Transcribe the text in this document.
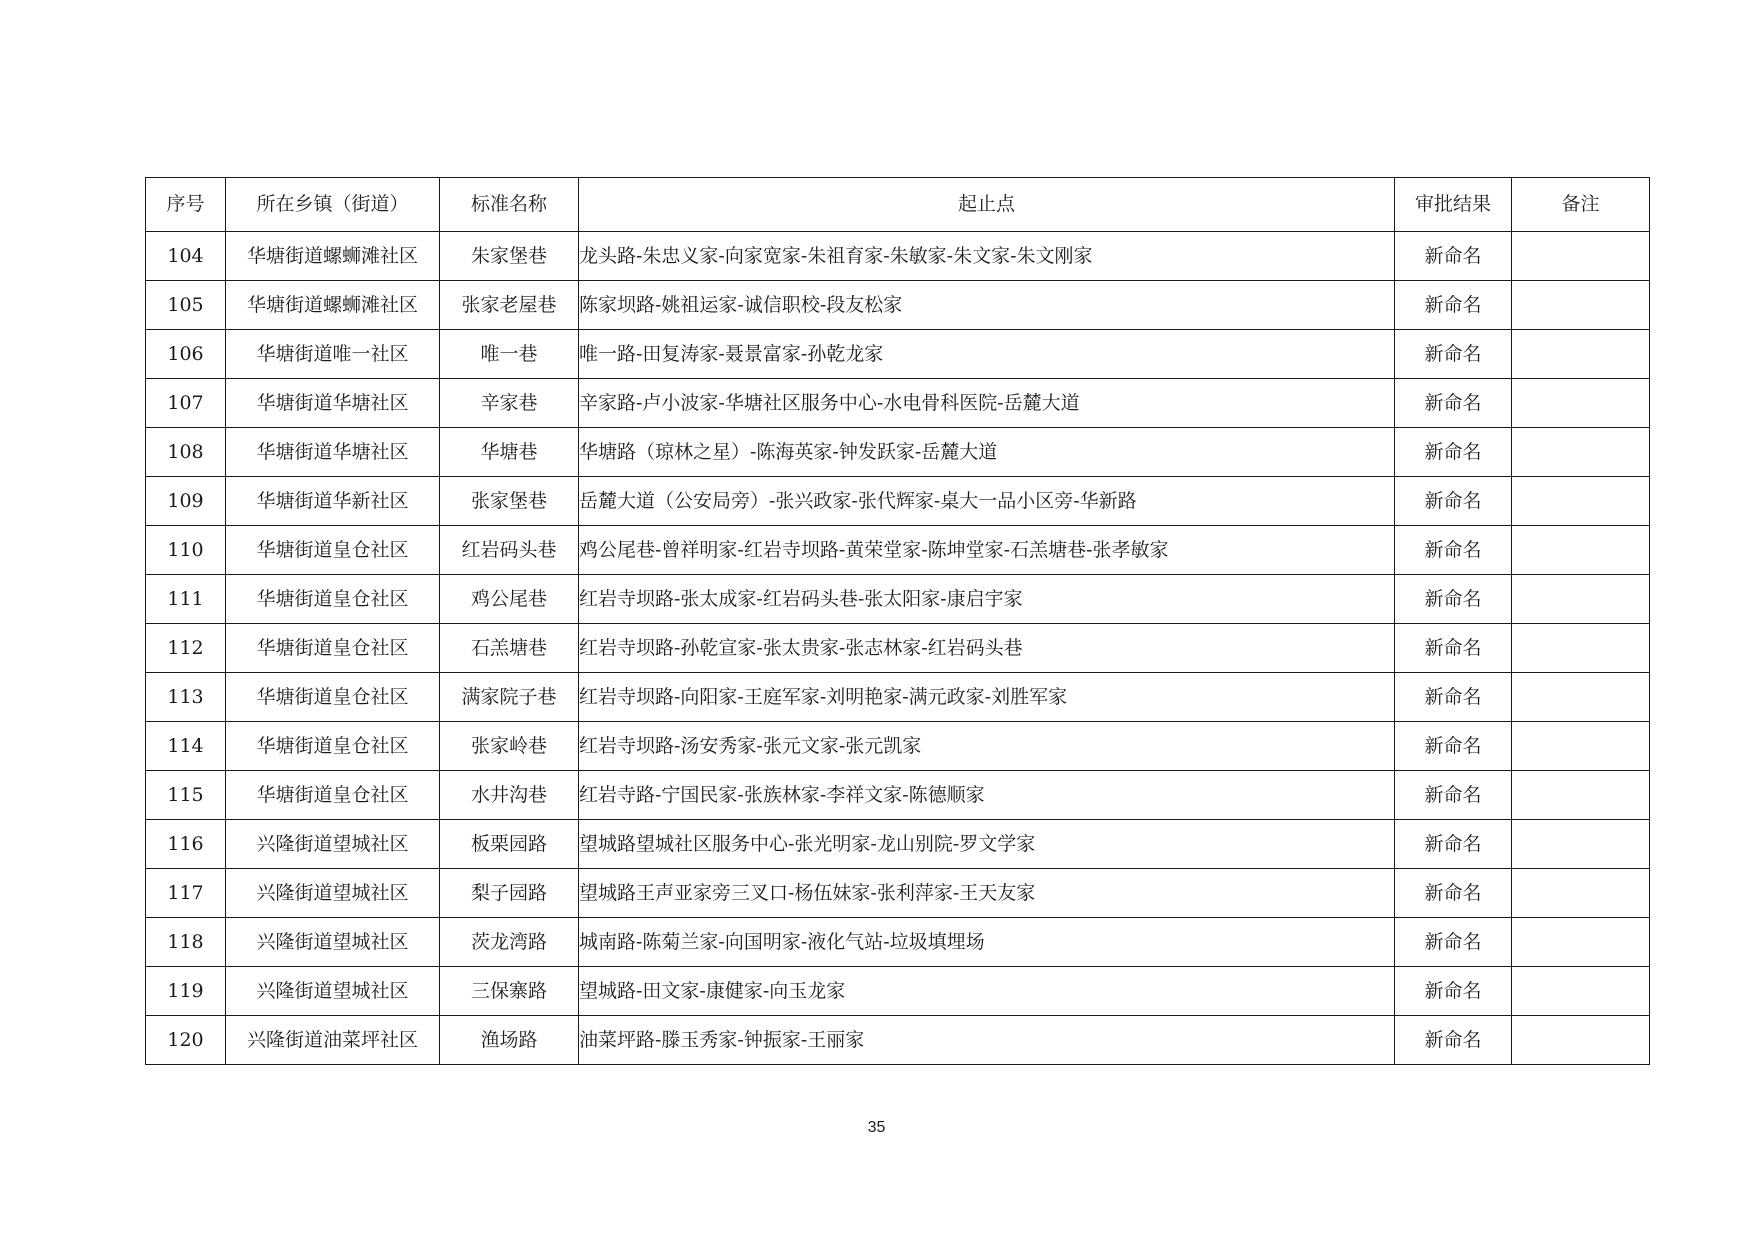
序号	所在乡镇（街道）	标准名称	起止点	审批结果	备注
104	华塘街道螺蛳滩社区	朱家堡巷	龙头路-朱忠义家-向家宽家-朱祖育家-朱敏家-朱文家-朱文刚家	新命名	
105	华塘街道螺蛳滩社区	张家老屋巷	陈家坝路-姚祖运家-诚信职校-段友松家	新命名	
106	华塘街道唯一社区	唯一巷	唯一路-田复涛家-聂景富家-孙乾龙家	新命名	
107	华塘街道华塘社区	辛家巷	辛家路-卢小波家-华塘社区服务中心-水电骨科医院-岳麓大道	新命名	
108	华塘街道华塘社区	华塘巷	华塘路（琼林之星）-陈海英家-钟发跃家-岳麓大道	新命名	
109	华塘街道华新社区	张家堡巷	岳麓大道（公安局旁）-张兴政家-张代辉家-桌大一品小区旁-华新路	新命名	
110	华塘街道皇仓社区	红岩码头巷	鸡公尾巷-曾祥明家-红岩寺坝路-黄荣堂家-陈坤堂家-石羔塘巷-张孝敏家	新命名	
111	华塘街道皇仓社区	鸡公尾巷	红岩寺坝路-张太成家-红岩码头巷-张太阳家-康启宇家	新命名	
112	华塘街道皇仓社区	石羔塘巷	红岩寺坝路-孙乾宣家-张太贵家-张志林家-红岩码头巷	新命名	
113	华塘街道皇仓社区	满家院子巷	红岩寺坝路-向阳家-王庭军家-刘明艳家-满元政家-刘胜军家	新命名	
114	华塘街道皇仓社区	张家岭巷	红岩寺坝路-汤安秀家-张元文家-张元凯家	新命名	
115	华塘街道皇仓社区	水井沟巷	红岩寺路-宁国民家-张族林家-李祥文家-陈德顺家	新命名	
116	兴隆街道望城社区	板栗园路	望城路望城社区服务中心-张光明家-龙山别院-罗文学家	新命名	
117	兴隆街道望城社区	梨子园路	望城路王声亚家旁三叉口-杨伍妹家-张利萍家-王天友家	新命名	
118	兴隆街道望城社区	茨龙湾路	城南路-陈菊兰家-向国明家-液化气站-垃圾填埋场	新命名	
119	兴隆街道望城社区	三保寨路	望城路-田文家-康健家-向玉龙家	新命名	
120	兴隆街道油菜坪社区	渔场路	油菜坪路-滕玉秀家-钟振家-王丽家	新命名	
35
